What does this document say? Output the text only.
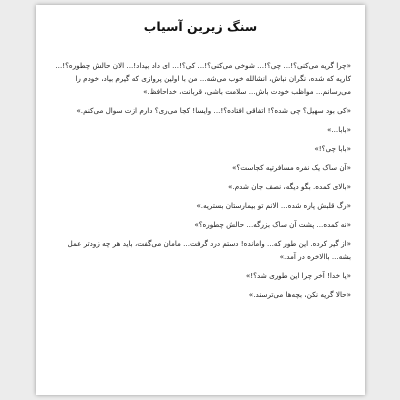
سنگ زیرین آسیاب

«چرا گریه می‌کنی؟!... چی؟!... شوخی می‌کنی؟!... کی؟!... ای داد بیداد!... الان حالش چطوره؟!... کاریه که شده، نگران نباش، انشالله خوب می‌شه... من با اولین پروازی که گیرم بیاد، خودم را می‌رسانم... مواظب خودت باش... سلامت باشی، قربانت، خداحافظ.»

«کی بود سهیل؟ چی شده؟! اتفاقی افتاده؟!... وایسا! کجا می‌ری؟ دارم ازت سوال می‌کنم.»

«بابا...»

«بابا چی؟!»

«آن ساک یک نفره مسافرتیه کجاست؟»

«بالای کمده. بگو دیگه، نصف جان شدم.»

«رگ قلبش پاره شده... الانم تو بیمارستان بستریه.»

«نه کمده... پشت آن ساک بزرگه... حالش چطوره؟»

«از گیر کرده. این طور که... وامانده! دستم درد گرفت... مامان می‌گفت، باید هر چه زودتر عمل بشه... باالاخره در آمد.»

«یا خدا! آخر چرا این طوری شد؟!»

«حالا گریه نکن، بچه‌ها می‌ترسند.»
